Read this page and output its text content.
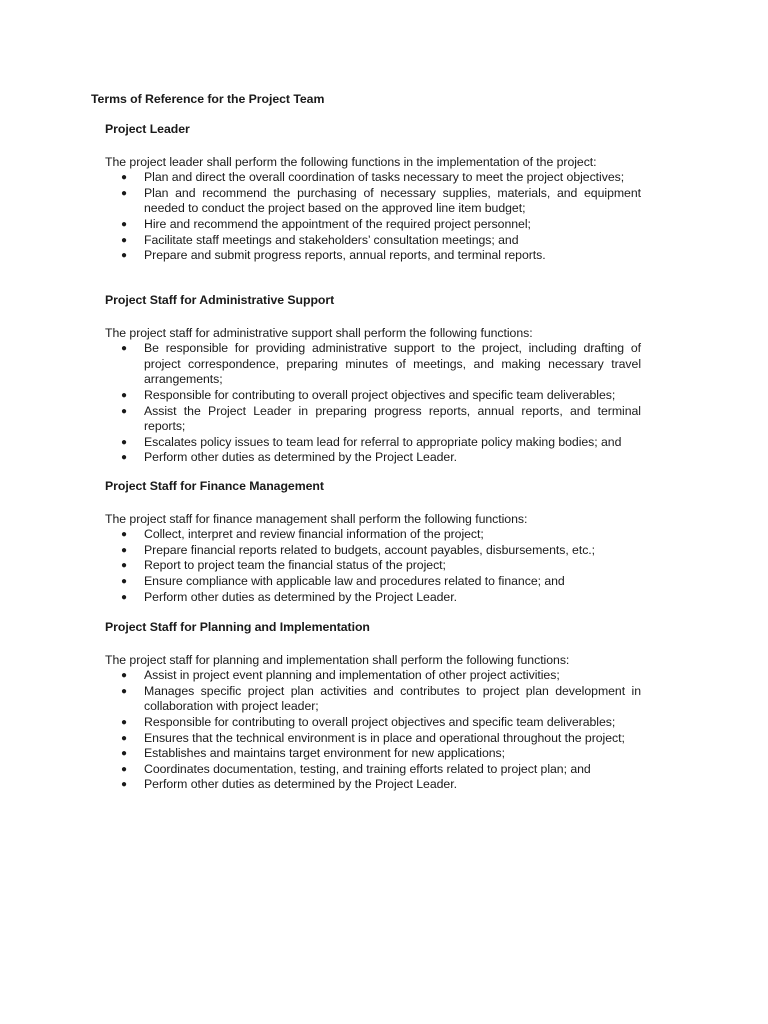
Terms of Reference for the Project Team

Project Leader

The project leader shall perform the following functions in the implementation of the project:

● Plan and direct the overall coordination of tasks necessary to meet the project objectives;
● Plan and recommend the purchasing of necessary supplies, materials, and equipment needed to conduct the project based on the approved line item budget;
● Hire and recommend the appointment of the required project personnel;
● Facilitate staff meetings and stakeholders’ consultation meetings; and
● Prepare and submit progress reports, annual reports, and terminal reports.

Project Staff for Administrative Support

The project staff for administrative support shall perform the following functions:

● Be responsible for providing administrative support to the project, including drafting of project correspondence, preparing minutes of meetings, and making necessary travel arrangements;
● Responsible for contributing to overall project objectives and specific team deliverables;
● Assist the Project Leader in preparing progress reports, annual reports, and terminal reports;
● Escalates policy issues to team lead for referral to appropriate policy making bodies; and
● Perform other duties as determined by the Project Leader.

Project Staff for Finance Management

The project staff for finance management shall perform the following functions:

● Collect, interpret and review financial information of the project;
● Prepare financial reports related to budgets, account payables, disbursements, etc.;
● Report to project team the financial status of the project;
● Ensure compliance with applicable law and procedures related to finance; and
● Perform other duties as determined by the Project Leader.

Project Staff for Planning and Implementation

The project staff for planning and implementation shall perform the following functions:

● Assist in project event planning and implementation of other project activities;
● Manages specific project plan activities and contributes to project plan development in collaboration with project leader;
● Responsible for contributing to overall project objectives and specific team deliverables;
● Ensures that the technical environment is in place and operational throughout the project;
● Establishes and maintains target environment for new applications;
● Coordinates documentation, testing, and training efforts related to project plan; and
● Perform other duties as determined by the Project Leader.
